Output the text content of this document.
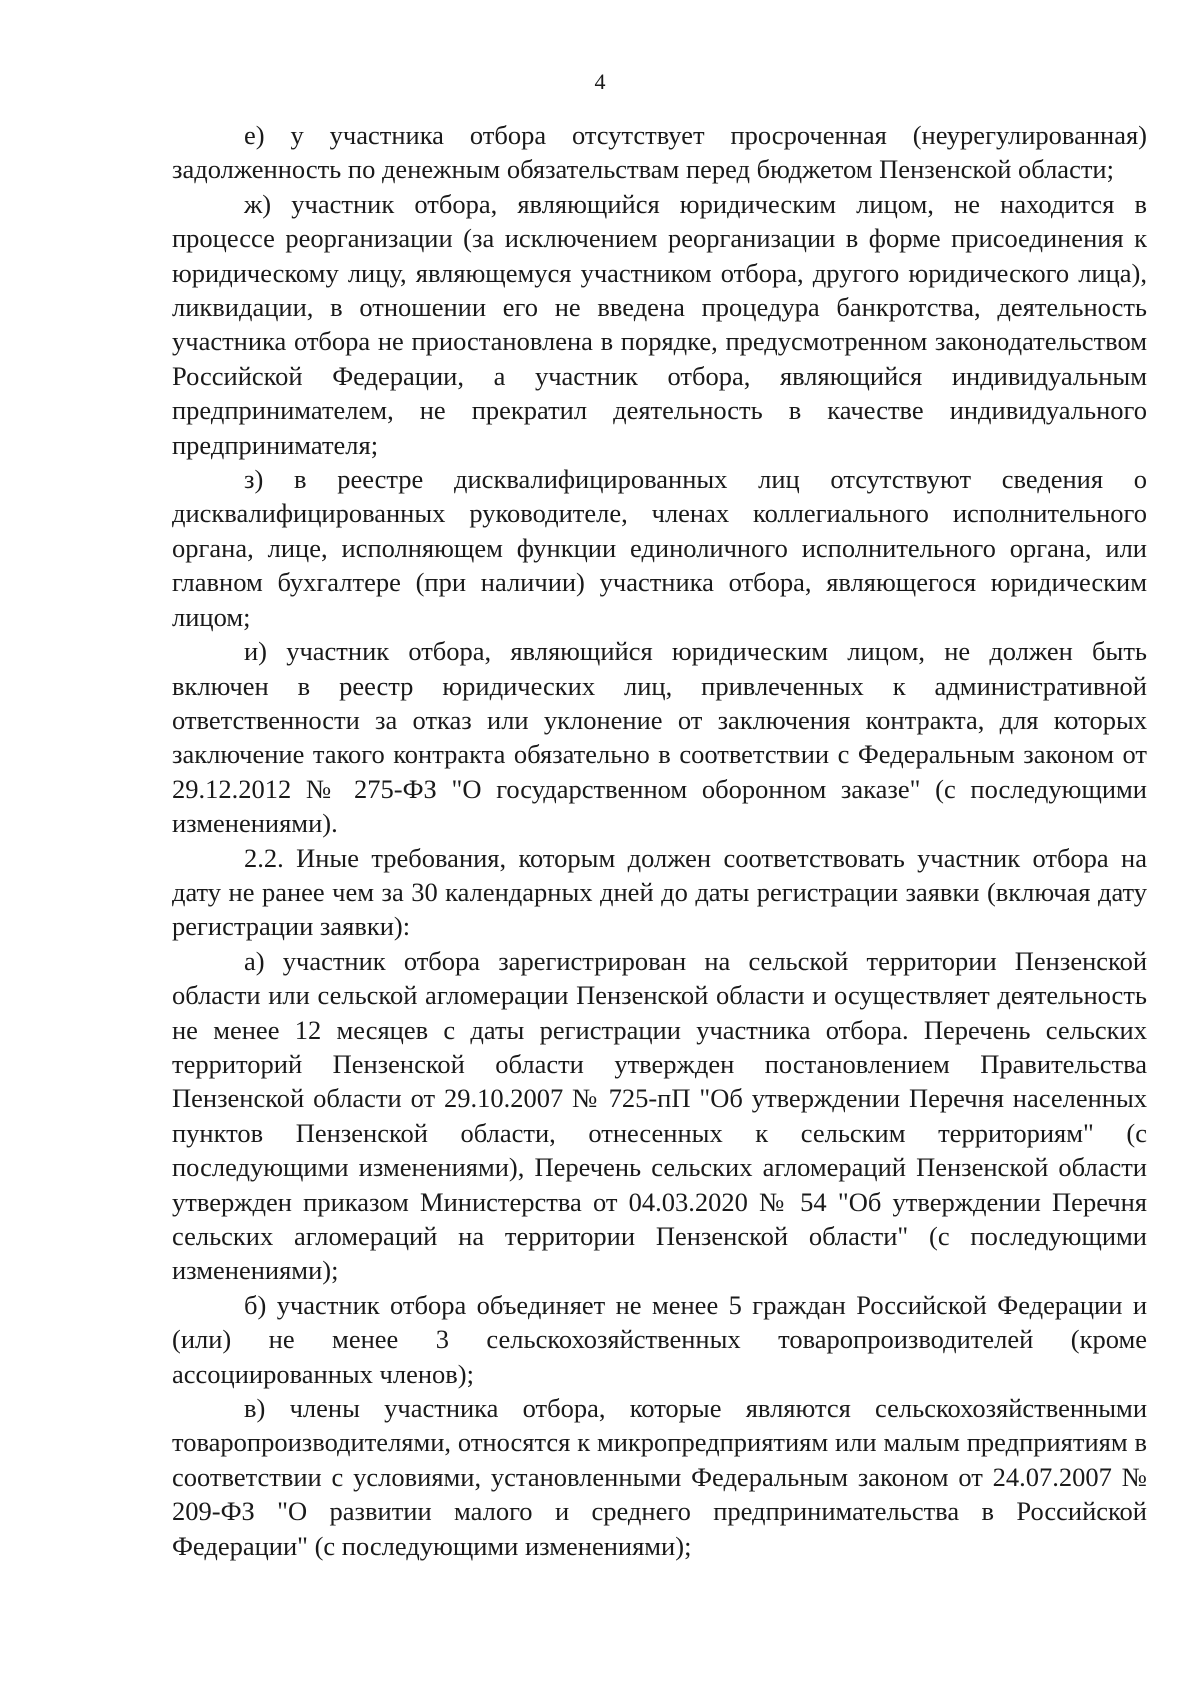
4

е) у участника отбора отсутствует просроченная (неурегулированная) задолженность по денежным обязательствам перед бюджетом Пензенской области;

ж) участник отбора, являющийся юридическим лицом, не находится в процессе реорганизации (за исключением реорганизации в форме присоединения к юридическому лицу, являющемуся участником отбора, другого юридического лица), ликвидации, в отношении его не введена процедура банкротства, деятельность участника отбора не приостановлена в порядке, предусмотренном законодательством Российской Федерации, а участник отбора, являющийся индивидуальным предпринимателем, не прекратил деятельность в качестве индивидуального предпринимателя;

з) в реестре дисквалифицированных лиц отсутствуют сведения о дисквалифицированных руководителе, членах коллегиального исполнительного органа, лице, исполняющем функции единоличного исполнительного органа, или главном бухгалтере (при наличии) участника отбора, являющегося юридическим лицом;

и) участник отбора, являющийся юридическим лицом, не должен быть включен в реестр юридических лиц, привлеченных к административной ответственности за отказ или уклонение от заключения контракта, для которых заключение такого контракта обязательно в соответствии с Федеральным законом от 29.12.2012 № 275-ФЗ "О государственном оборонном заказе" (с последующими изменениями).

2.2. Иные требования, которым должен соответствовать участник отбора на дату не ранее чем за 30 календарных дней до даты регистрации заявки (включая дату регистрации заявки):

а) участник отбора зарегистрирован на сельской территории Пензенской области или сельской агломерации Пензенской области и осуществляет деятельность не менее 12 месяцев с даты регистрации участника отбора. Перечень сельских территорий Пензенской области утвержден постановлением Правительства Пензенской области от 29.10.2007 № 725-пП "Об утверждении Перечня населенных пунктов Пензенской области, отнесенных к сельским территориям" (с последующими изменениями), Перечень сельских агломераций Пензенской области утвержден приказом Министерства от 04.03.2020 № 54 "Об утверждении Перечня сельских агломераций на территории Пензенской области" (с последующими изменениями);

б) участник отбора объединяет не менее 5 граждан Российской Федерации и (или) не менее 3 сельскохозяйственных товаропроизводителей (кроме ассоциированных членов);

в) члены участника отбора, которые являются сельскохозяйственными товаропроизводителями, относятся к микропредприятиям или малым предприятиям в соответствии с условиями, установленными Федеральным законом от 24.07.2007 № 209-ФЗ "О развитии малого и среднего предпринимательства в Российской Федерации" (с последующими изменениями);
